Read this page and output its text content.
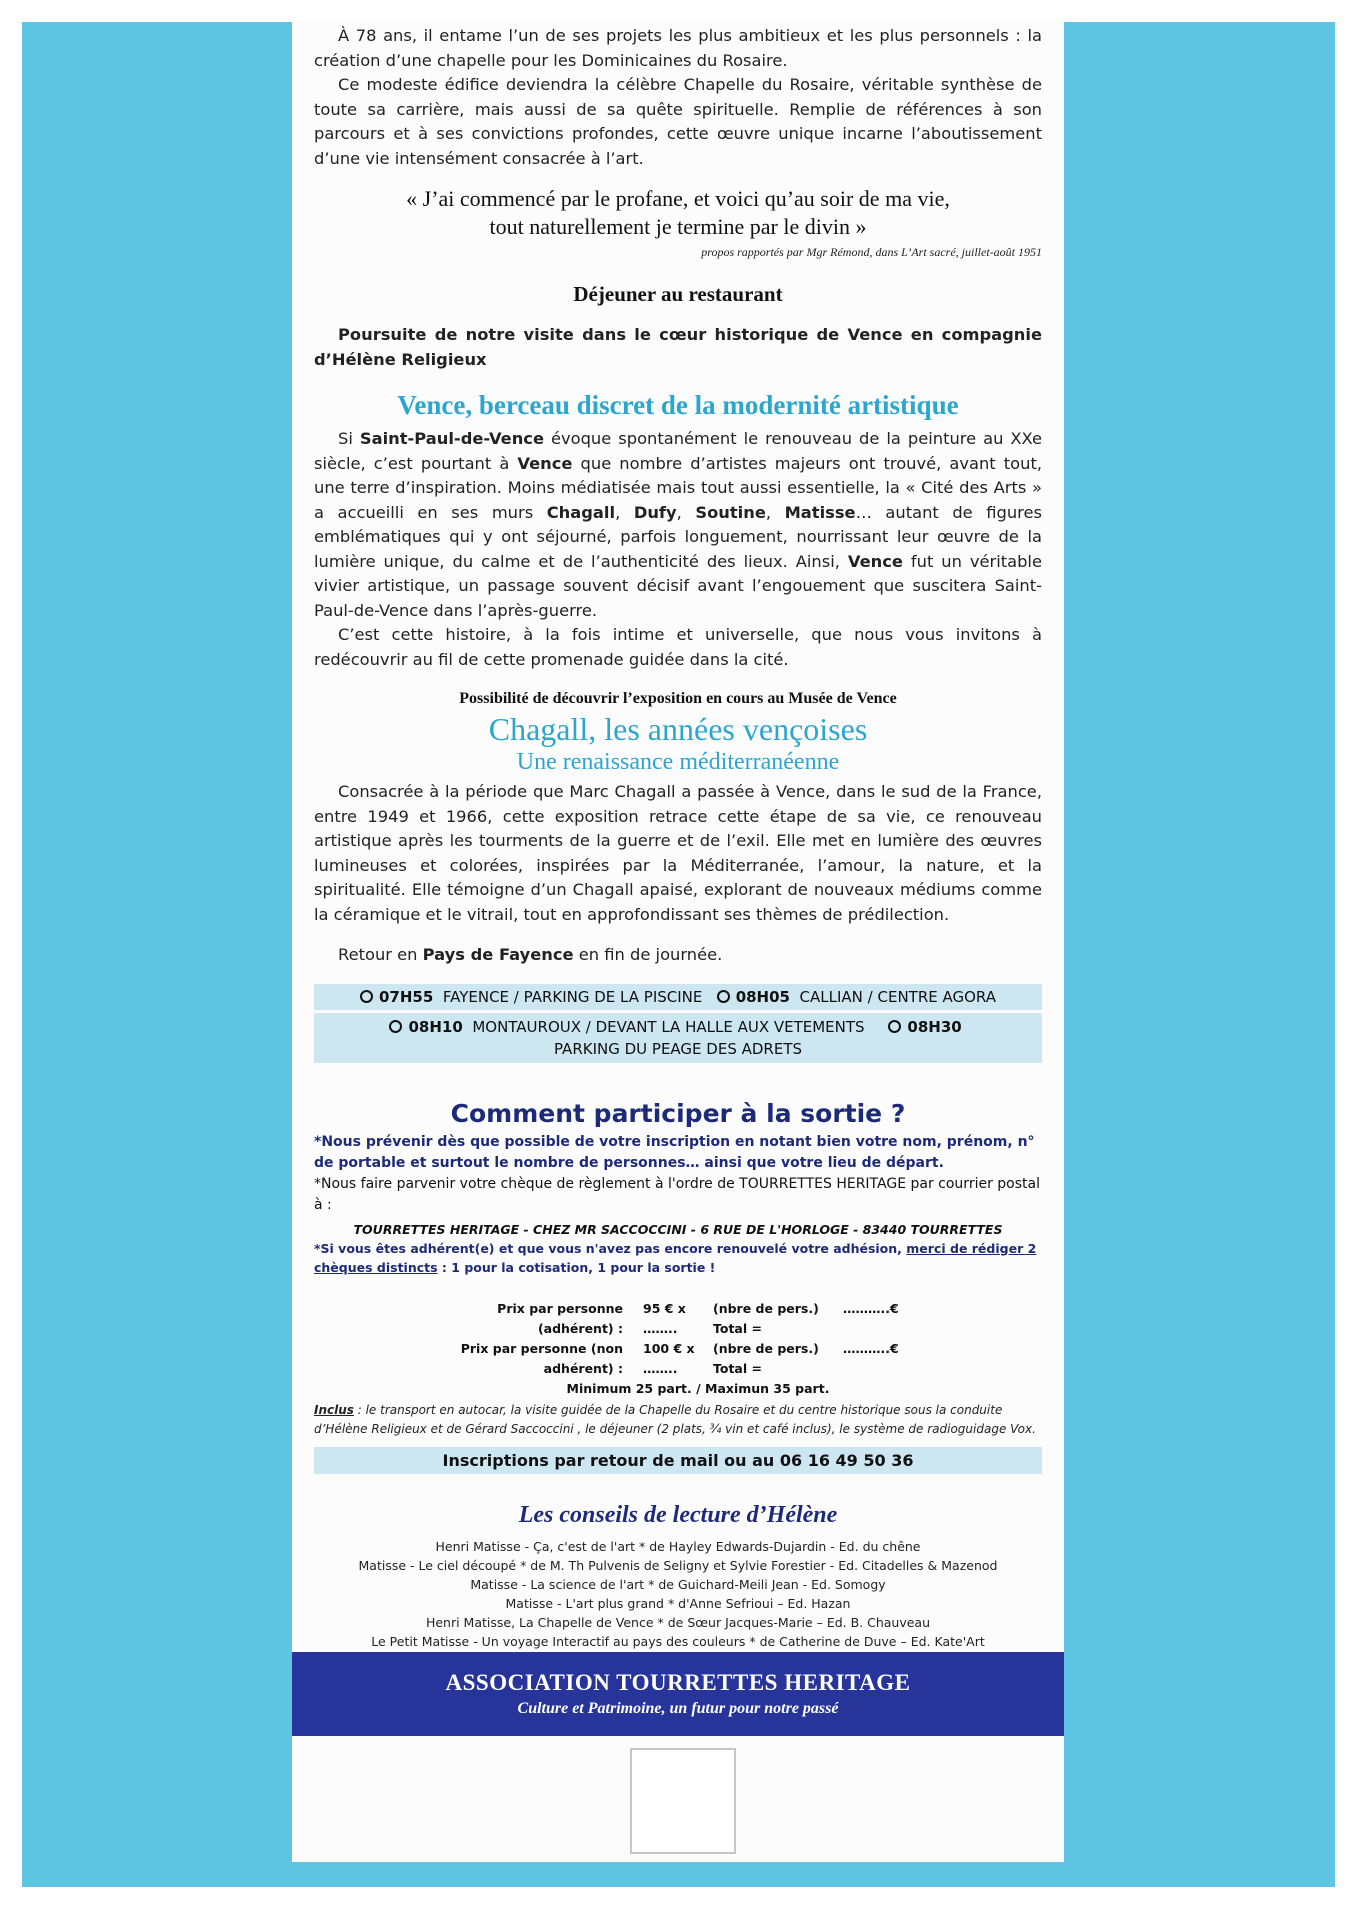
À 78 ans, il entame l’un de ses projets les plus ambitieux et les plus personnels : la création d’une chapelle pour les Dominicaines du Rosaire.

Ce modeste édifice deviendra la célèbre Chapelle du Rosaire, véritable synthèse de toute sa carrière, mais aussi de sa quête spirituelle. Remplie de références à son parcours et à ses convictions profondes, cette œuvre unique incarne l’aboutissement d’une vie intensément consacrée à l’art.

« J’ai commencé par le profane, et voici qu’au soir de ma vie,

tout naturellement je termine par le divin »

propos rapportés par Mgr Rémond, dans L’Art sacré, juillet-août 1951

Déjeuner au restaurant

Poursuite de notre visite dans le cœur historique de Vence en compagnie d’Hélène Religieux

Vence, berceau discret de la modernité artistique

Si Saint-Paul-de-Vence évoque spontanément le renouveau de la peinture au XXe siècle, c’est pourtant à Vence que nombre d’artistes majeurs ont trouvé, avant tout, une terre d’inspiration. Moins médiatisée mais tout aussi essentielle, la « Cité des Arts » a accueilli en ses murs Chagall, Dufy, Soutine, Matisse… autant de figures emblématiques qui y ont séjourné, parfois longuement, nourrissant leur œuvre de la lumière unique, du calme et de l’authenticité des lieux. Ainsi, Vence fut un véritable vivier artistique, un passage souvent décisif avant l’engouement que suscitera Saint-Paul-de-Vence dans l’après-guerre.

C’est cette histoire, à la fois intime et universelle, que nous vous invitons à redécouvrir au fil de cette promenade guidée dans la cité.

Possibilité de découvrir l’exposition en cours au Musée de Vence

Chagall, les années vençoises

Une renaissance méditerranéenne

Consacrée à la période que Marc Chagall a passée à Vence, dans le sud de la France, entre 1949 et 1966, cette exposition retrace cette étape de sa vie, ce renouveau artistique après les tourments de la guerre et de l’exil. Elle met en lumière des œuvres lumineuses et colorées, inspirées par la Méditerranée, l’amour, la nature, et la spiritualité. Elle témoigne d’un Chagall apaisé, explorant de nouveaux médiums comme la céramique et le vitrail, tout en approfondissant ses thèmes de prédilection.

Retour en Pays de Fayence en fin de journée.

07H55 FAYENCE / PARKING DE LA PISCINE 08H05 CALLIAN / CENTRE AGORA
08H10 MONTAUROUX / DEVANT LA HALLE AUX VETEMENTS	08H30  PARKING DU PEAGE DES ADRETS

Comment participer à la sortie ?

*Nous prévenir dès que possible de votre inscription en notant bien votre nom, prénom, n° de portable et surtout le nombre de personnes… ainsi que votre lieu de départ.

*Nous faire parvenir votre chèque de règlement à l'ordre de TOURRETTES HERITAGE par courrier postal à :

TOURRETTES HERITAGE - CHEZ MR SACCOCCINI - 6 RUE DE L'HORLOGE - 83440 TOURRETTES

*Si vous êtes adhérent(e) et que vous n'avez pas encore renouvelé votre adhésion, merci de rédiger 2 chèques distincts : 1 pour la cotisation, 1 pour la sortie !

Prix par personne (adhérent) :
95 € x ……..
(nbre de pers.) Total =
………..€
Prix par personne (non adhérent) :
100 € x ……..
(nbre de pers.) Total =
………..€
Minimum 25 part. / Maximun 35 part.

Inclus : le transport en autocar, la visite guidée de la Chapelle du Rosaire et du centre historique sous la conduite d’Hélène Religieux et de Gérard Saccoccini , le déjeuner (2 plats, ¾ vin et café inclus), le système de radioguidage Vox.

Inscriptions par retour de mail ou au 06 16 49 50 36

Les conseils de lecture d’Hélène

Henri Matisse - Ça, c'est de l'art * de Hayley Edwards-Dujardin - Ed. du chêne

Matisse - Le ciel découpé * de M. Th Pulvenis de Seligny et Sylvie Forestier - Ed. Citadelles & Mazenod

Matisse - La science de l'art * de Guichard-Meili Jean - Ed. Somogy

Matisse - L'art plus grand * d'Anne Sefrioui – Ed. Hazan

Henri Matisse, La Chapelle de Vence * de Sœur Jacques-Marie – Ed. B. Chauveau

Le Petit Matisse - Un voyage Interactif au pays des couleurs * de Catherine de Duve – Ed. Kate'Art

ASSOCIATION TOURRETTES HERITAGE

Culture et Patrimoine, un futur pour notre passé
